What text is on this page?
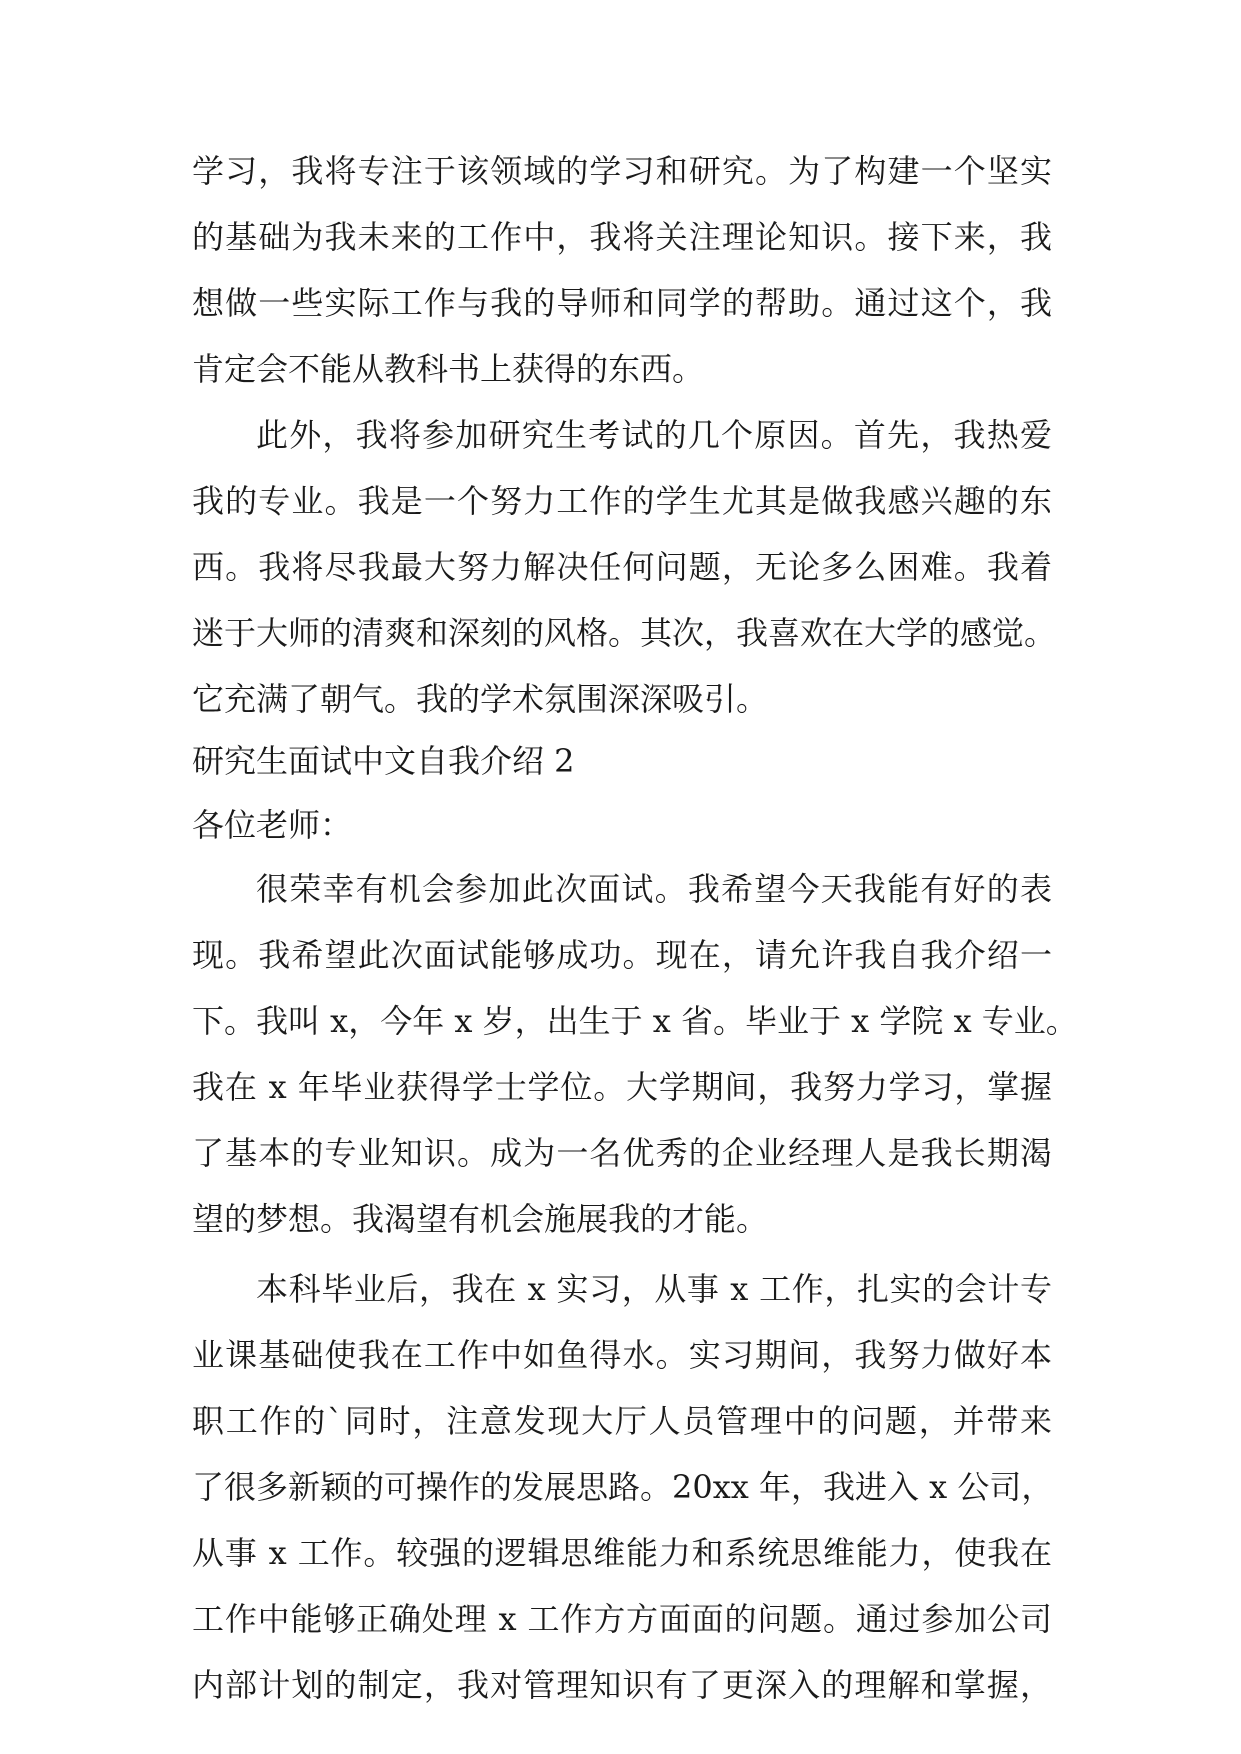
学习，我将专注于该领域的学习和研究。为了构建一个坚实
的基础为我未来的工作中，我将关注理论知识。接下来，我
想做一些实际工作与我的导师和同学的帮助。通过这个，我
肯定会不能从教科书上获得的东西。
此外，我将参加研究生考试的几个原因。首先，我热爱
我的专业。我是一个努力工作的学生尤其是做我感兴趣的东
西。我将尽我最大努力解决任何问题，无论多么困难。我着
迷于大师的清爽和深刻的风格。其次，我喜欢在大学的感觉。
它充满了朝气。我的学术氛围深深吸引。
研究生面试中文自我介绍 2
各位老师：
很荣幸有机会参加此次面试。我希望今天我能有好的表
现。我希望此次面试能够成功。现在，请允许我自我介绍一
下。我叫 x，今年 x 岁，出生于 x 省。毕业于 x 学院 x 专业。
我在 x 年毕业获得学士学位。大学期间，我努力学习，掌握
了基本的专业知识。成为一名优秀的企业经理人是我长期渴
望的梦想。我渴望有机会施展我的才能。
本科毕业后，我在 x 实习，从事 x 工作，扎实的会计专
业课基础使我在工作中如鱼得水。实习期间，我努力做好本
职工作的`同时，注意发现大厅人员管理中的问题，并带来
了很多新颖的可操作的发展思路。20xx 年，我进入 x 公司，
从事 x 工作。较强的逻辑思维能力和系统思维能力，使我在
工作中能够正确处理 x 工作方方面面的问题。通过参加公司
内部计划的制定，我对管理知识有了更深入的理解和掌握，
